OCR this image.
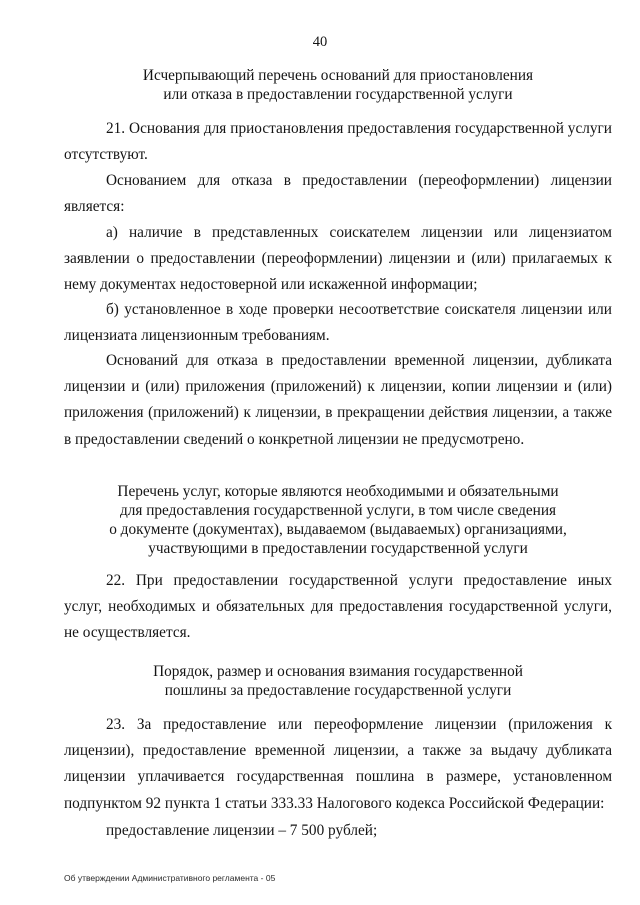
40
Исчерпывающий перечень оснований для приостановления
или отказа в предоставлении государственной услуги

21. Основания для приостановления предоставления государственной услуги отсутствуют.

Основанием для отказа в предоставлении (переоформлении) лицензии является:

а) наличие в представленных соискателем лицензии или лицензиатом заявлении о предоставлении (переоформлении) лицензии и (или) прилагаемых к нему документах недостоверной или искаженной информации;

б) установленное в ходе проверки несоответствие соискателя лицензии или лицензиата лицензионным требованиям.

Оснований для отказа в предоставлении временной лицензии, дубликата лицензии и (или) приложения (приложений) к лицензии, копии лицензии и (или) приложения (приложений) к лицензии, в прекращении действия лицензии, а также в предоставлении сведений о конкретной лицензии не предусмотрено.

Перечень услуг, которые являются необходимыми и обязательными
для предоставления государственной услуги, в том числе сведения
о документе (документах), выдаваемом (выдаваемых) организациями,
участвующими в предоставлении государственной услуги

22. При предоставлении государственной услуги предоставление иных услуг, необходимых и обязательных для предоставления государственной услуги, не осуществляется.

Порядок, размер и основания взимания государственной
пошлины за предоставление государственной услуги

23. За предоставление или переоформление лицензии (приложения к лицензии), предоставление временной лицензии, а также за выдачу дубликата лицензии уплачивается государственная пошлина в размере, установленном подпунктом 92 пункта 1 статьи 333.33 Налогового кодекса Российской Федерации:

предоставление лицензии – 7 500 рублей;

Об утверждении Административного регламента - 05
